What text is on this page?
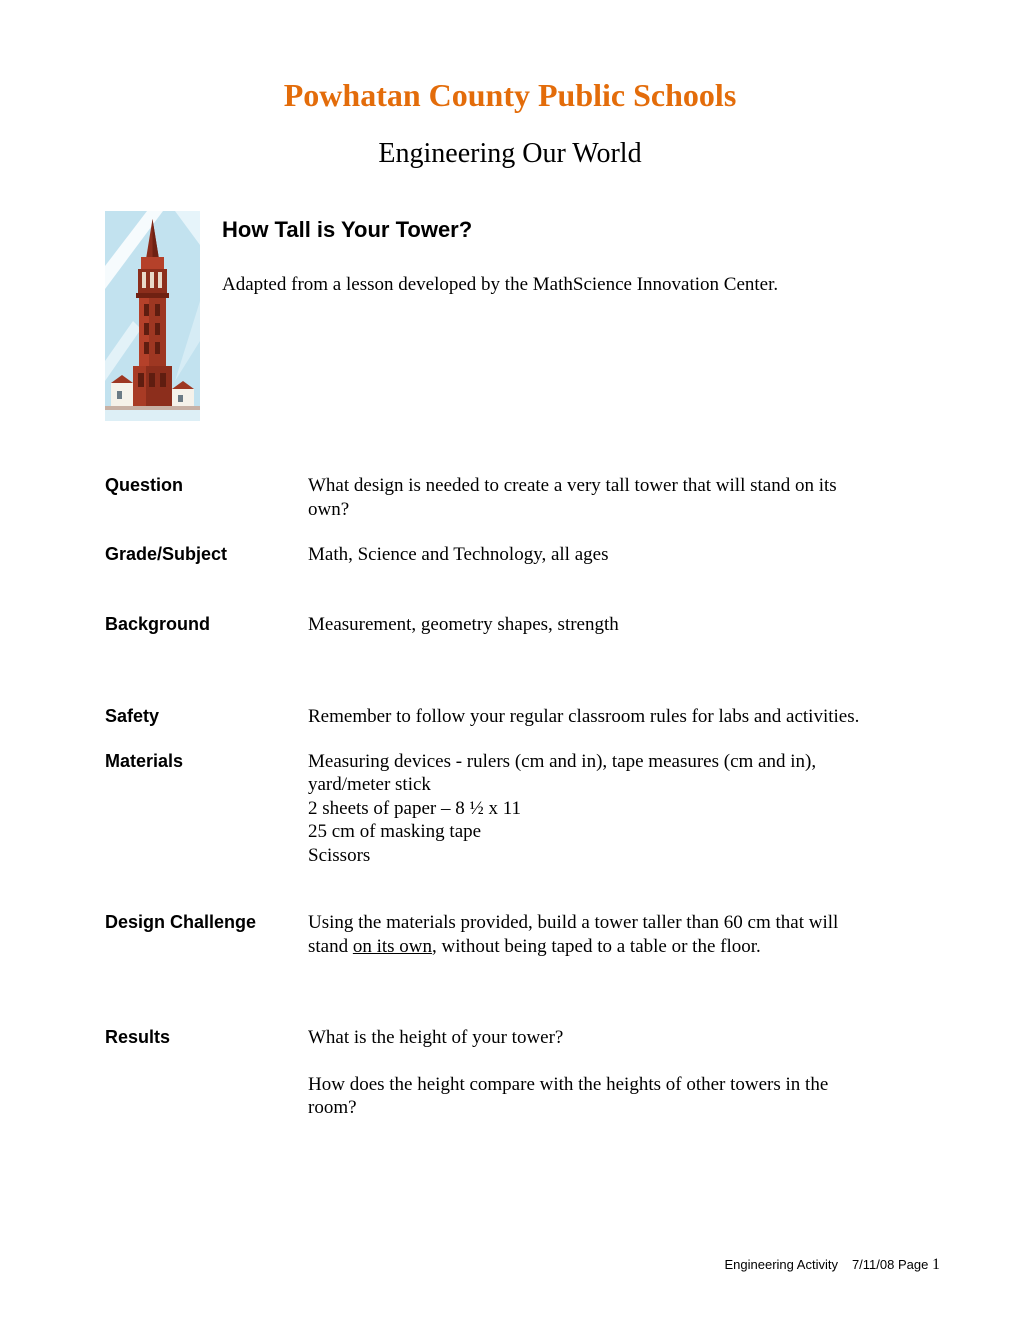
Powhatan County Public Schools
Engineering Our World
How Tall is Your Tower?
Adapted from a lesson developed by the MathScience Innovation Center.
Question	What design is needed to create a very tall tower that will stand on its own?
Grade/Subject	Math, Science and Technology, all ages
Background	Measurement, geometry shapes, strength
Safety	Remember to follow your regular classroom rules for labs and activities.
Materials	Measuring devices - rulers (cm and in), tape measures (cm and in), yard/meter stick
2 sheets of paper – 8 ½ x 11
25 cm of masking tape
Scissors
Design Challenge	Using the materials provided, build a tower taller than 60 cm that will stand on its own, without being taped to a table or the floor.
Results	What is the height of your tower?
How does the height compare with the heights of other towers in the room?
Engineering Activity 7/11/08 Page 1
